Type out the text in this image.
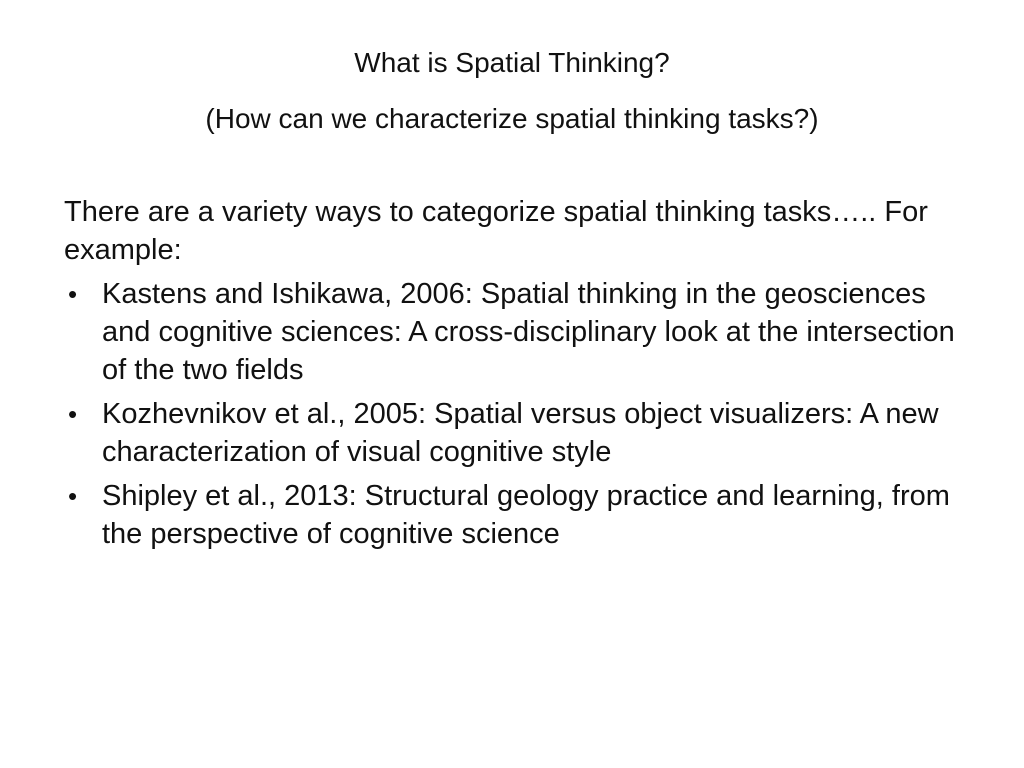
What is Spatial Thinking?
(How can we characterize spatial thinking tasks?)

There are a variety ways to categorize spatial thinking tasks….. For example:

• Kastens and Ishikawa, 2006: Spatial thinking in the geosciences and cognitive sciences: A cross-disciplinary look at the intersection of the two fields
• Kozhevnikov et al., 2005: Spatial versus object visualizers: A new characterization of visual cognitive style
• Shipley et al., 2013: Structural geology practice and learning, from the perspective of cognitive science
